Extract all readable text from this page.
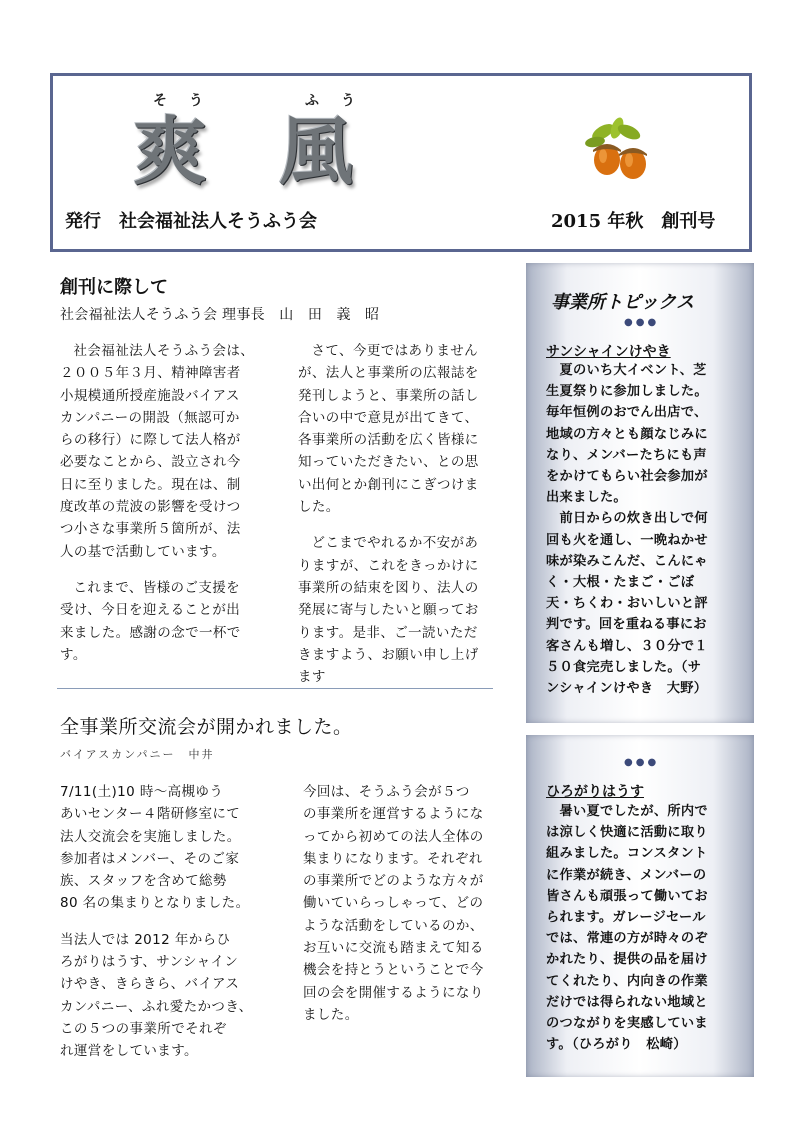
そう	ふう
爽 風
発行　社会福祉法人そうふう会	2015 年秋　創刊号
創刊に際して
社会福祉法人そうふう会 理事長　山　田　義　昭

社会福祉法人そうふう会は、

２００５年３月、精神障害者

小規模通所授産施設バイアス

カンパニーの開設（無認可か

らの移行）に際して法人格が

必要なことから、設立され今

日に至りました。現在は、制

度改革の荒波の影響を受けつ

つ小さな事業所５箇所が、法

人の基で活動しています。

これまで、皆様のご支援を

受け、今日を迎えることが出

来ました。感謝の念で一杯で

す。

さて、今更ではありません

が、法人と事業所の広報誌を

発刊しようと、事業所の話し

合いの中で意見が出てきて、

各事業所の活動を広く皆様に

知っていただきたい、との思

い出何とか創刊にこぎつけま

した。

どこまでやれるか不安があ

りますが、これをきっかけに

事業所の結束を図り、法人の

発展に寄与したいと願ってお

ります。是非、ご一読いただ

きますよう、お願い申し上げ

ます

全事業所交流会が開かれました。
バイアスカンパニー　中井

7/11(土)10 時～高槻ゆう

あいセンター４階研修室にて

法人交流会を実施しました。

参加者はメンバー、そのご家

族、スタッフを含めて総勢

80 名の集まりとなりました。

当法人では 2012 年からひ

ろがりはうす、サンシャイン

けやき、きらきら、バイアス

カンパニー、ふれ愛たかつき、

この５つの事業所でそれぞ

れ運営をしています。

今回は、そうふう会が５つ

の事業所を運営するようにな

ってから初めての法人全体の

集まりになります。それぞれ

の事業所でどのような方々が

働いていらっしゃって、どの

ような活動をしているのか、

お互いに交流も踏まえて知る

機会を持とうということで今

回の会を開催するようになり

ました。

事業所トピックス
●●●
サンシャインけやき

　夏のいち大イベント、芝

生夏祭りに参加しました。

毎年恒例のおでん出店で、

地域の方々とも顔なじみに

なり、メンバーたちにも声

をかけてもらい社会参加が

出来ました。

　前日からの炊き出しで何

回も火を通し、一晩ねかせ

味が染みこんだ、こんにゃ

く・大根・たまご・ごぼ

天・ちくわ・おいしいと評

判です。回を重ねる事にお

客さんも増し、３０分で１

５０食完売しました。（サ

ンシャインけやき　大野）

●●●
ひろがりはうす

　暑い夏でしたが、所内で

は涼しく快適に活動に取り

組みました。コンスタント

に作業が続き、メンバーの

皆さんも頑張って働いてお

られます。ガレージセール

では、常連の方が時々のぞ

かれたり、提供の品を届け

てくれたり、内向きの作業

だけでは得られない地域と

のつながりを実感していま

す。（ひろがり　松崎）
